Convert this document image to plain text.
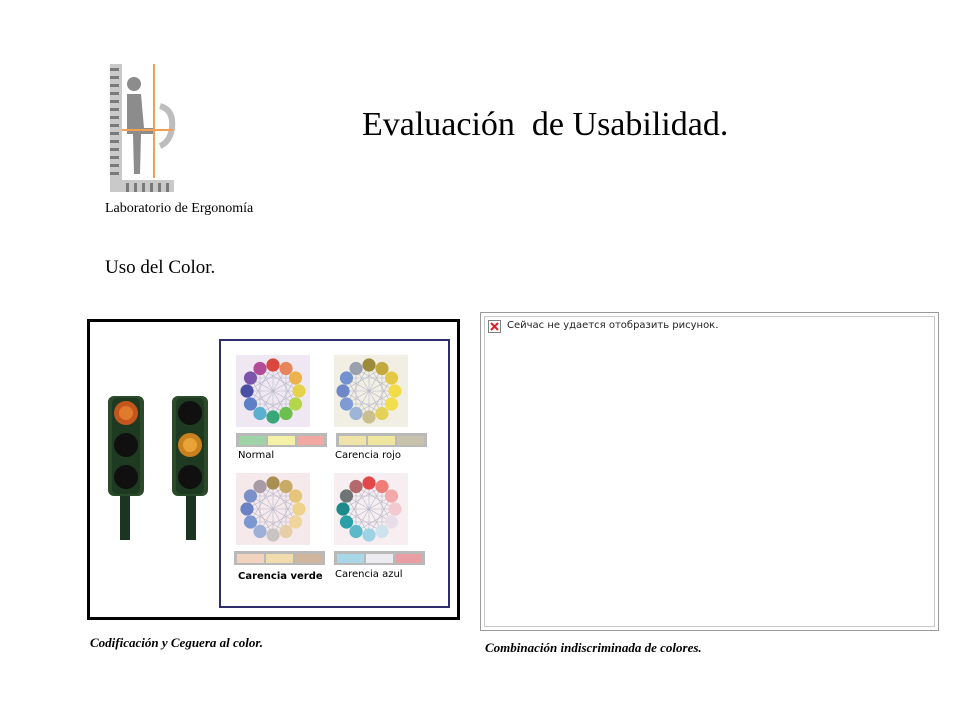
Laboratorio de Ergonomía
Evaluación  de Usabilidad.
Uso del Color.
Normal	Carencia rojo
Carencia verde Carencia azul
Codificación y Ceguera al color.
Сейчас не удается отобразить рисунок.
Combinación indiscriminada de colores.
